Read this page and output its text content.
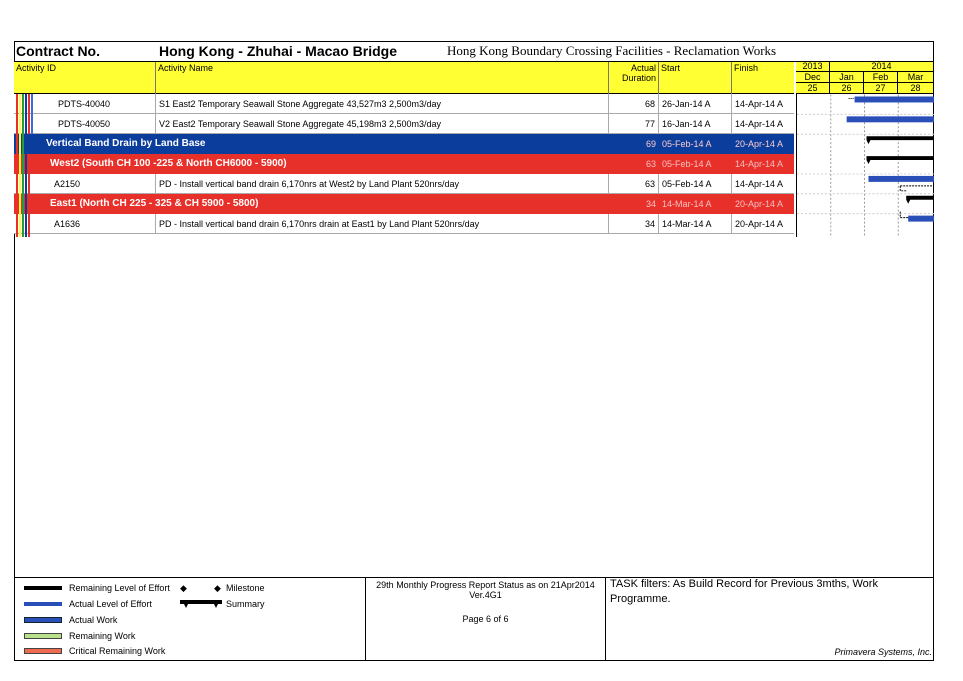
Contract No.	Hong Kong - Zhuhai - Macao Bridge	Hong Kong Boundary Crossing Facilities - Reclamation Works
Activity ID	Activity Name	Actual
Duration
Start	Finish	2013	2014
Dec	Jan	Feb	Mar
25	26	27	28
PDTS-40040	S1 East2 Temporary Seawall Stone Aggregate 43,527m3 2,500m3/day	68 26-Jan-14 A	14-Apr-14 A
PDTS-40050	V2 East2 Temporary Seawall Stone Aggregate 45,198m3 2,500m3/day	77 16-Jan-14 A	14-Apr-14 A
Vertical Band Drain by Land Base	69 05-Feb-14 A	20-Apr-14 A
West2 (South CH 100 -225 & North CH6000 - 5900)	63 05-Feb-14 A	14-Apr-14 A
A2150	PD - Install vertical band drain 6,170nrs at West2 by Land Plant 520nrs/day	63 05-Feb-14 A	14-Apr-14 A
East1 (North CH 225 - 325 & CH 5900 - 5800)	34 14-Mar-14 A	20-Apr-14 A
A1636	PD - Install vertical band drain 6,170nrs drain at East1 by Land Plant 520nrs/day	34 14-Mar-14 A	20-Apr-14 A
Remaining Level of Effort ◆	◆ Milestone
Actual Level of Effort	Summary
Actual Work
Remaining Work
Critical Remaining Work
29th Monthly Progress Report Status as on 21Apr2014
Ver.4G1
Page 6 of 6
TASK filters: As Build Record for Previous 3mths, Work Programme.
Primavera Systems, Inc.
